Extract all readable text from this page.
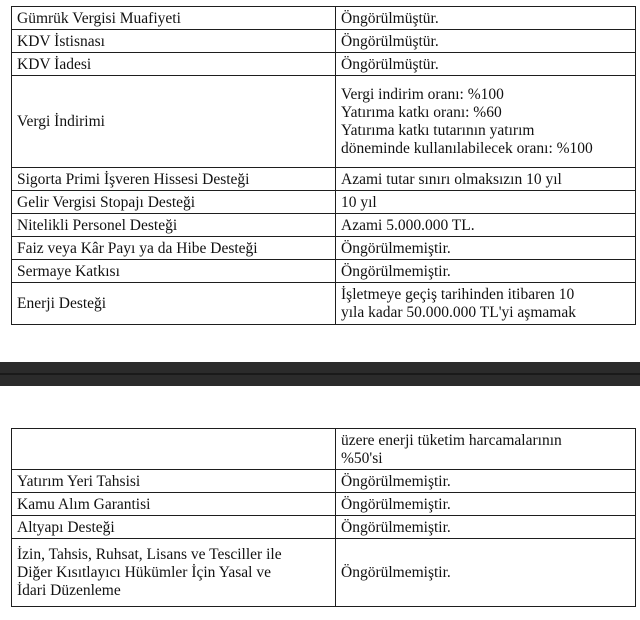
Gümrük Vergisi Muafiyeti	Öngörülmüştür.
KDV İstisnası	Öngörülmüştür.
KDV İadesi	Öngörülmüştür.
Vergi İndirimi	Vergi indirim oranı: %100
Yatırıma katkı oranı: %60
Yatırıma katkı tutarının yatırım
döneminde kullanılabilecek oranı: %100
Sigorta Primi İşveren Hissesi Desteği	Azami tutar sınırı olmaksızın 10 yıl
Gelir Vergisi Stopajı Desteği	10 yıl
Nitelikli Personel Desteği	Azami 5.000.000 TL.
Faiz veya Kâr Payı ya da Hibe Desteği	Öngörülmemiştir.
Sermaye Katkısı	Öngörülmemiştir.
Enerji Desteği	İşletmeye geçiş tarihinden itibaren 10
yıla kadar 50.000.000 TL'yi aşmamak
	üzere enerji tüketim harcamalarının
%50'si
Yatırım Yeri Tahsisi	Öngörülmemiştir.
Kamu Alım Garantisi	Öngörülmemiştir.
Altyapı Desteği	Öngörülmemiştir.
İzin, Tahsis, Ruhsat, Lisans ve Tesciller ile
Diğer Kısıtlayıcı Hükümler İçin Yasal ve
İdari Düzenleme	Öngörülmemiştir.
